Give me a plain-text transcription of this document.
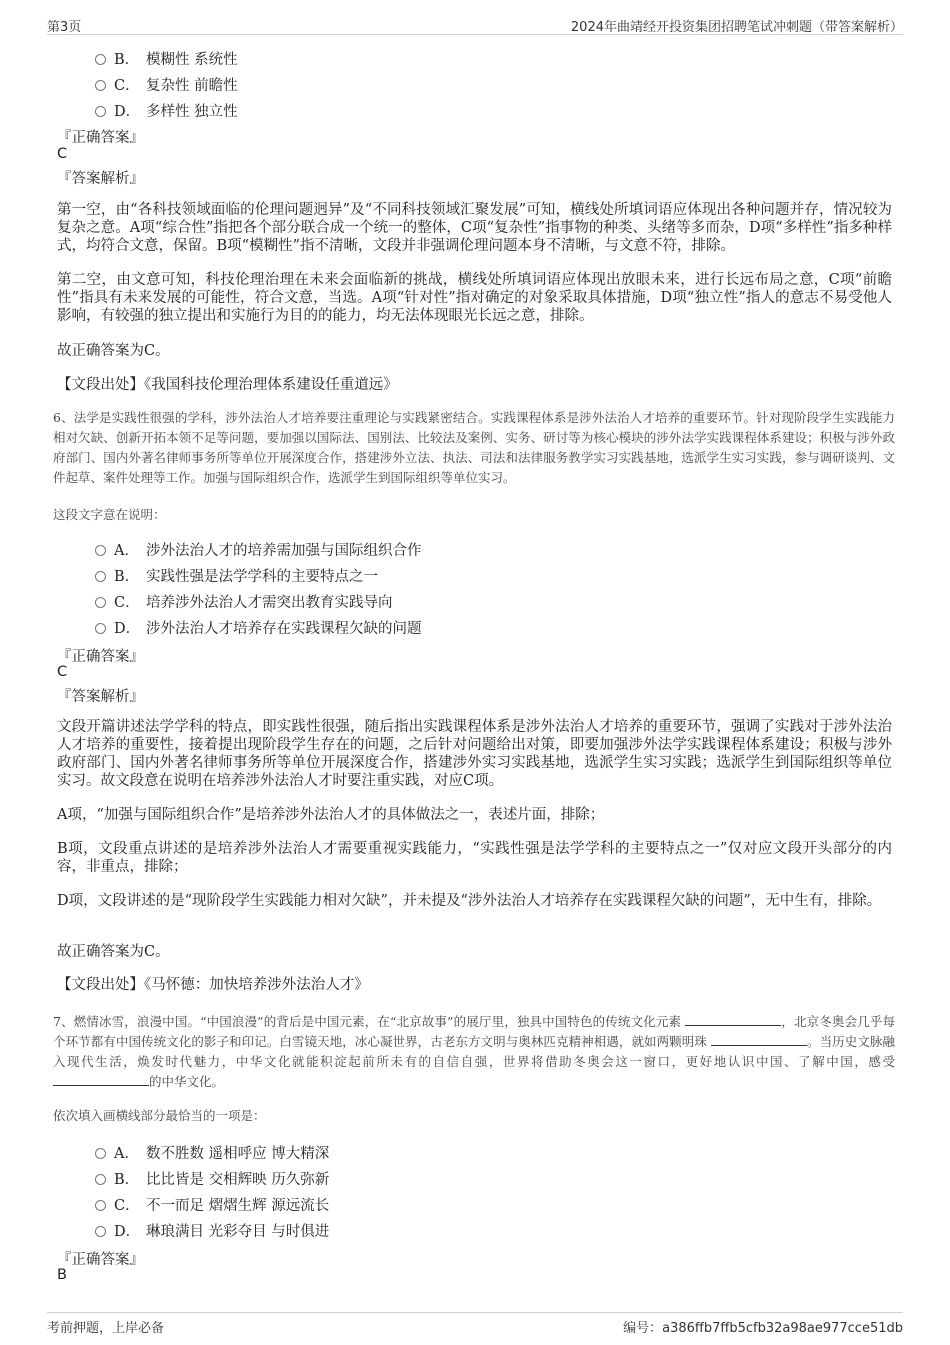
第3页	2024年曲靖经开投资集团招聘笔试冲刺题（带答案解析）
B． 模糊性 系统性
C． 复杂性 前瞻性
D． 多样性 独立性
『正确答案』
C
『答案解析』
第一空，由“各科技领域面临的伦理问题迥异”及“不同科技领域汇聚发展”可知，横线处所填词语应体现出各种问题并存，情况较为复杂之意。A项“综合性”指把各个部分联合成一个统一的整体，C项“复杂性”指事物的种类、头绪等多而杂，D项“多样性”指多种样式，均符合文意，保留。B项“模糊性”指不清晰，文段并非强调伦理问题本身不清晰，与文意不符，排除。
第二空，由文意可知，科技伦理治理在未来会面临新的挑战，横线处所填词语应体现出放眼未来，进行长远布局之意，C项“前瞻性”指具有未来发展的可能性，符合文意，当选。A项“针对性”指对确定的对象采取具体措施，D项“独立性”指人的意志不易受他人影响，有较强的独立提出和实施行为目的的能力，均无法体现眼光长远之意，排除。
故正确答案为C。
【文段出处】《我国科技伦理治理体系建设任重道远》
6、法学是实践性很强的学科，涉外法治人才培养要注重理论与实践紧密结合。实践课程体系是涉外法治人才培养的重要环节。针对现阶段学生实践能力相对欠缺、创新开拓本领不足等问题，要加强以国际法、国别法、比较法及案例、实务、研讨等为核心模块的涉外法学实践课程体系建设；积极与涉外政府部门、国内外著名律师事务所等单位开展深度合作，搭建涉外立法、执法、司法和法律服务教学实习实践基地，选派学生实习实践，参与调研谈判、文件起草、案件处理等工作。加强与国际组织合作，选派学生到国际组织等单位实习。
这段文字意在说明：
A． 涉外法治人才的培养需加强与国际组织合作
B． 实践性强是法学学科的主要特点之一
C． 培养涉外法治人才需突出教育实践导向
D． 涉外法治人才培养存在实践课程欠缺的问题
『正确答案』
C
『答案解析』
文段开篇讲述法学学科的特点，即实践性很强，随后指出实践课程体系是涉外法治人才培养的重要环节，强调了实践对于涉外法治人才培养的重要性，接着提出现阶段学生存在的问题，之后针对问题给出对策，即要加强涉外法学实践课程体系建设；积极与涉外政府部门、国内外著名律师事务所等单位开展深度合作，搭建涉外实习实践基地，选派学生实习实践；选派学生到国际组织等单位实习。故文段意在说明在培养涉外法治人才时要注重实践，对应C项。
A项，“加强与国际组织合作”是培养涉外法治人才的具体做法之一，表述片面，排除；
B项，文段重点讲述的是培养涉外法治人才需要重视实践能力，“实践性强是法学学科的主要特点之一”仅对应文段开头部分的内容，非重点，排除；
D项，文段讲述的是“现阶段学生实践能力相对欠缺”，并未提及“涉外法治人才培养存在实践课程欠缺的问题”，无中生有，排除。
故正确答案为C。
【文段出处】《马怀德：加快培养涉外法治人才》
7、燃情冰雪，浪漫中国。“中国浪漫”的背后是中国元素，在“北京故事”的展厅里，独具中国特色的传统文化元素	，北京冬奥会几乎每个环节都有中国传统文化的影子和印记。白雪镜天地，冰心凝世界，古老东方文明与奥林匹克精神相遇，就如两颗明珠	。当历史文脉融入现代生活，焕发时代魅力，中华文化就能积淀起前所未有的自信自强，世界将借助冬奥会这一窗口，更好地认识中国、了解中国，感受 的中华文化。
依次填入画横线部分最恰当的一项是：
A． 数不胜数 遥相呼应 博大精深
B． 比比皆是 交相辉映 历久弥新
C． 不一而足 熠熠生辉 源远流长
D． 琳琅满目 光彩夺目 与时俱进
『正确答案』
B
考前押题，上岸必备	编号：a386ffb7ffb5cfb32a98ae977cce51db
